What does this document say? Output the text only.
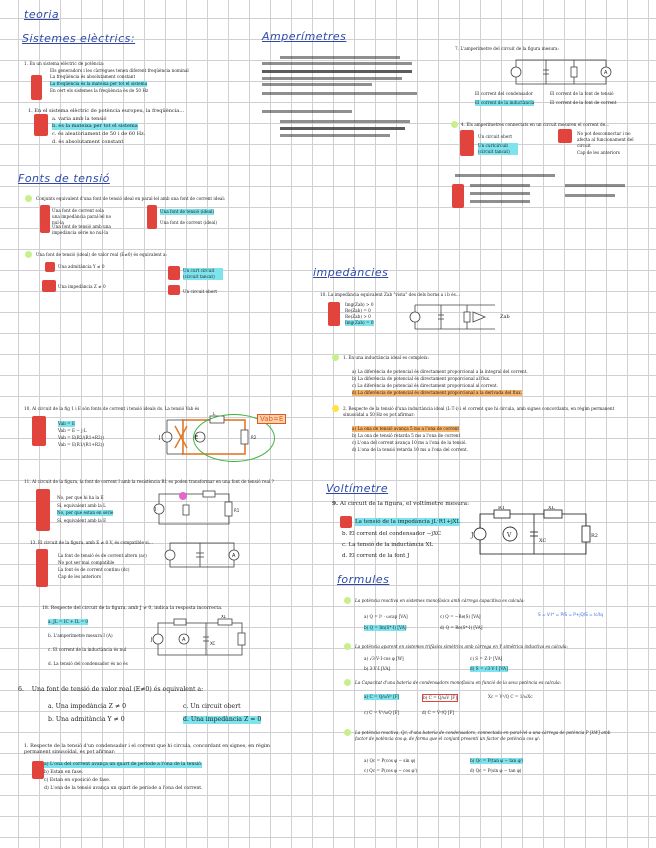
teoria
Sistemes elèctrics:
Fonts de tensió
Amperímetres
impedàncies
Voltímetre
formules
1. En un sistema elèctric de potència:
Els generadors i les càrregues tenen diferent freqüència nominal
La freqüència és absolutament constant
La freqüència és la mateixa per tot el sistema
En cert els sistemes la freqüència és de 50 Hz
1. En el sistema elèctric de potència europeu, la freqüència…
a. varia amb la tensió
b. és la mateixa per tot el sistema
c. és aleatòriament de 50 i de 60 Hz.
d. és absolutament constant
Conjunts equivalent d'una font de tensió ideal en paral·lel amb una font de corrent ideal:
Una font de corrent sola una impedància paral·lel no nul·la
Una font de tensió amb una impedància sèrie no nul·la
Una font de tensió (ideal)
Una font de corrent (ideal)
Una font de tensió (ideal) de valor real (E≠0) és equivalent a:
Una admitància Y ≠ 0
Una impedància Z ≠ 0
Un curt circuit (circuit tancat)
Un circuit obert
10. Al circuit de la fig 1 i E són fonts de corrent i tensió ideals ds. La tensió Vab és
Vab = E
Vab = E − j·L
Vab = E(R2/(R1+R2))
Vab = E(R1/(R1+R2))
J	E
L
R2
Vab=E
11. Al circuit de la figura, la font de corrent I amb la resistència R1 es poden transformar en una font de tensió real ?
No, per que hi ha la E
Sí, equivalent amb la L
No, per que estan en sèrie
Sí, equivalent amb la E
I	R1
13. El circuit de la figura, amb E ≠ 0 V, és compatible si…
La font de tensió és de corrent altern (ac)
No pot ser mai compatible
La font és de corrent continu (dc)
Cap de les anteriors
A
18. Respecte del circuit de la figura, amb J ≠ 0, indica la resposta incorrecta.
a. JL = IC + IL = 0
b. L'amperímetre mesura I (A)
c. El corrent de la inductància és nul
d. La tensió del condensador és no és
J	A
XL
XC
6. Una font de tensió de valor real (E≠0) és equivalent a:
a. Una impedància Z ≠ 0
b. Una admitància Y ≠ 0
c. Un circuit obert
d. Una impedància Z = 0
1. Respecte de la tensió d'un condensador i el corrent que hi circula, concordant en signes, en règim permanent sinusoïdal, es pot afirmar:
a) L'ona del corrent avança un quart de període a l'ona de la tensió.
b) Estan en fase.
c) Estan en oposició de fase.
d) L'ona de la tensió avança un quart de període a l'ona del corrent.
7. L'amperímetre del circuit de la figura mesura:
A
El corrent del condensador	El corrent de la font de tensió
El corrent de la inductància	El corrent de la font de corrent
4. Els amperímetres connectats en un circuit mesuren el corrent de…
Un circuit obert
Un curtcircuit (circuit tancat)
No pot desconnectar i no afecta al funcionament del circuit
Cap de les anteriors
10. La impedància equivalent Zab "vista" des dels borns a i b és…
Img(Zab) > 0
Re(Zab) = 0
Re(Zab) > 0
Img(Zab) = 0
Zab
1. En una inductància ideal es compleix:
a) La diferència de potencial és directament proporcional a la integral del corrent.
b) La diferència de potencial és directament proporcional al flux.
c) La diferència de potencial és directament proporcional al corrent.
d) La diferència de potencial és directament proporcional a la derivada del flux.
2. Respecte de la tensió d'una inductància ideal (L·T·i) i el corrent que hi circula, amb signes concordants, en règim permanent sinusoïdal a 50 Hz es pot afirmar:
a) La ona de tensió avança 5 ms a l'ona de corrent
b) La ona de tensió retarda 5 ms a l'ona de corrent
c) L'ona del corrent avança 10 ms a l'ona de la tensió.
d) L'ona de la tensió retarda 10 ms a l'ona del corrent.
9. Al circuit de la figura, el voltímetre mesura:
La tensió de la impedància jL·R1+jXL
b. El corrent del condensador −jXC
c. La tensió de la inductància XL
d. El corrent de la font J
J	V
XL
R1
XC
R2
La potència reactiva en sistemes monofàsics amb càrrega capacitiva es calcula:
a) Q = I² · ωcap [VA]	c) Q = −Re(S) [VA]
b) Q = Im(S*·I) [VA]	d) Q = Re(S*·I) [VA]
S = V·I* = P/S = P+jQ/S = Ic/Iq
La potència aparent en sistemes trifàsics simètrics amb càrrega en Y simètrica inductiva es calcula:
a) √3·V·I·cos φ [W]	c) S = Z·I² [VA]
b) 3·V·I [VA]	d) S = √3·V·I [VA]
La Capacitat d'una bateria de condensadors monofàsica en funció de la seva potència es calcula:
a) C = Q/ωV² [F]	b) C = Q/ωV [F]
c) C = V²/ωQ [F]	d) C = V²/Q [F]
Xc = V²/Q C = 1/ωXc
La potència reactiva, Qc, d'una bateria de condensadors, connectada en paral·lel a una càrrega de potència P [kW] amb factor de potència cos φ, de forma que el conjunt presenti un factor de potència cos φ':
a) Qc = P(cos φ − sin φ)	b) Qc = P(tan φ − tan φ')
c) Qc = P(cos φ − cos φ')	d) Qc = P(sin φ − tan φ)
